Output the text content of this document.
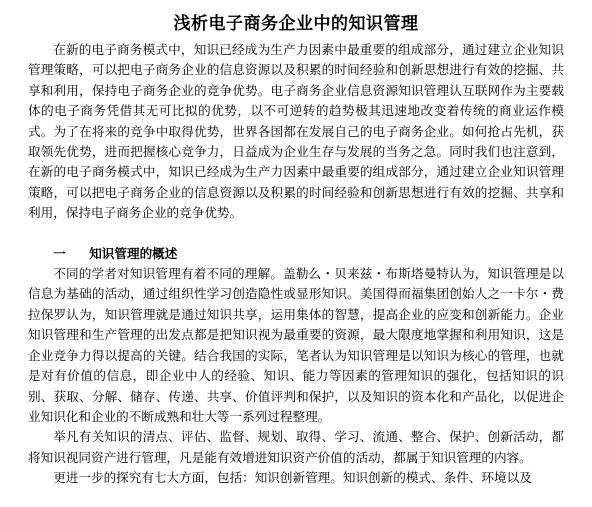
浅析电子商务企业中的知识管理

在新的电子商务模式中，知识已经成为生产力因素中最重要的组成部分，通过建立企业知识管理策略，可以把电子商务企业的信息资源以及积累的时间经验和创新思想进行有效的挖掘、共享和利用，保持电子商务企业的竞争优势。电子商务企业信息资源知识管理认互联网作为主要载体的电子商务凭借其无可比拟的优势，以不可逆转的趋势极其迅速地改变着传统的商业运作模式。为了在将来的竞争中取得优势，世界各国都在发展自己的电子商务企业。如何抢占先机，获取领先优势，进而把握核心竞争力，日益成为企业生存与发展的当务之急。同时我们也注意到，在新的电子商务模式中，知识已经成为生产力因素中最重要的组成部分，通过建立企业知识管理策略，可以把电子商务企业的信息资源以及积累的时间经验和创新思想进行有效的挖掘、共享和利用，保持电子商务企业的竞争优势。

一 知识管理的概述

不同的学者对知识管理有着不同的理解。盖勒么・贝来兹・布斯塔曼特认为，知识管理是以信息为基础的活动，通过组织性学习创造隐性或显形知识。美国得而福集团创始人之一卡尔・费拉保罗认为，知识管理就是通过知识共享，运用集体的智慧，提高企业的应变和创新能力。企业知识管理和生产管理的出发点都是把知识视为最重要的资源，最大限度地掌握和利用知识，这是企业竞争力得以提高的关键。结合我国的实际，笔者认为知识管理是以知识为核心的管理，也就是对有价值的信息，即企业中人的经验、知识、能力等因素的管理知识的强化，包括知识的识别、获取、分解、储存、传递、共享、价值评判和保护，以及知识的资本化和产品化，以促进企业知识化和企业的不断成熟和壮大等一系列过程整理。

举凡有关知识的清点、评估、监督、规划、取得、学习、流通、整合、保护、创新活动，都将知识视同资产进行管理，凡是能有效增进知识资产价值的活动，都属于知识管理的内容。

更进一步的探究有七大方面，包括：知识创新管理。知识创新的模式、条件、环境以及
